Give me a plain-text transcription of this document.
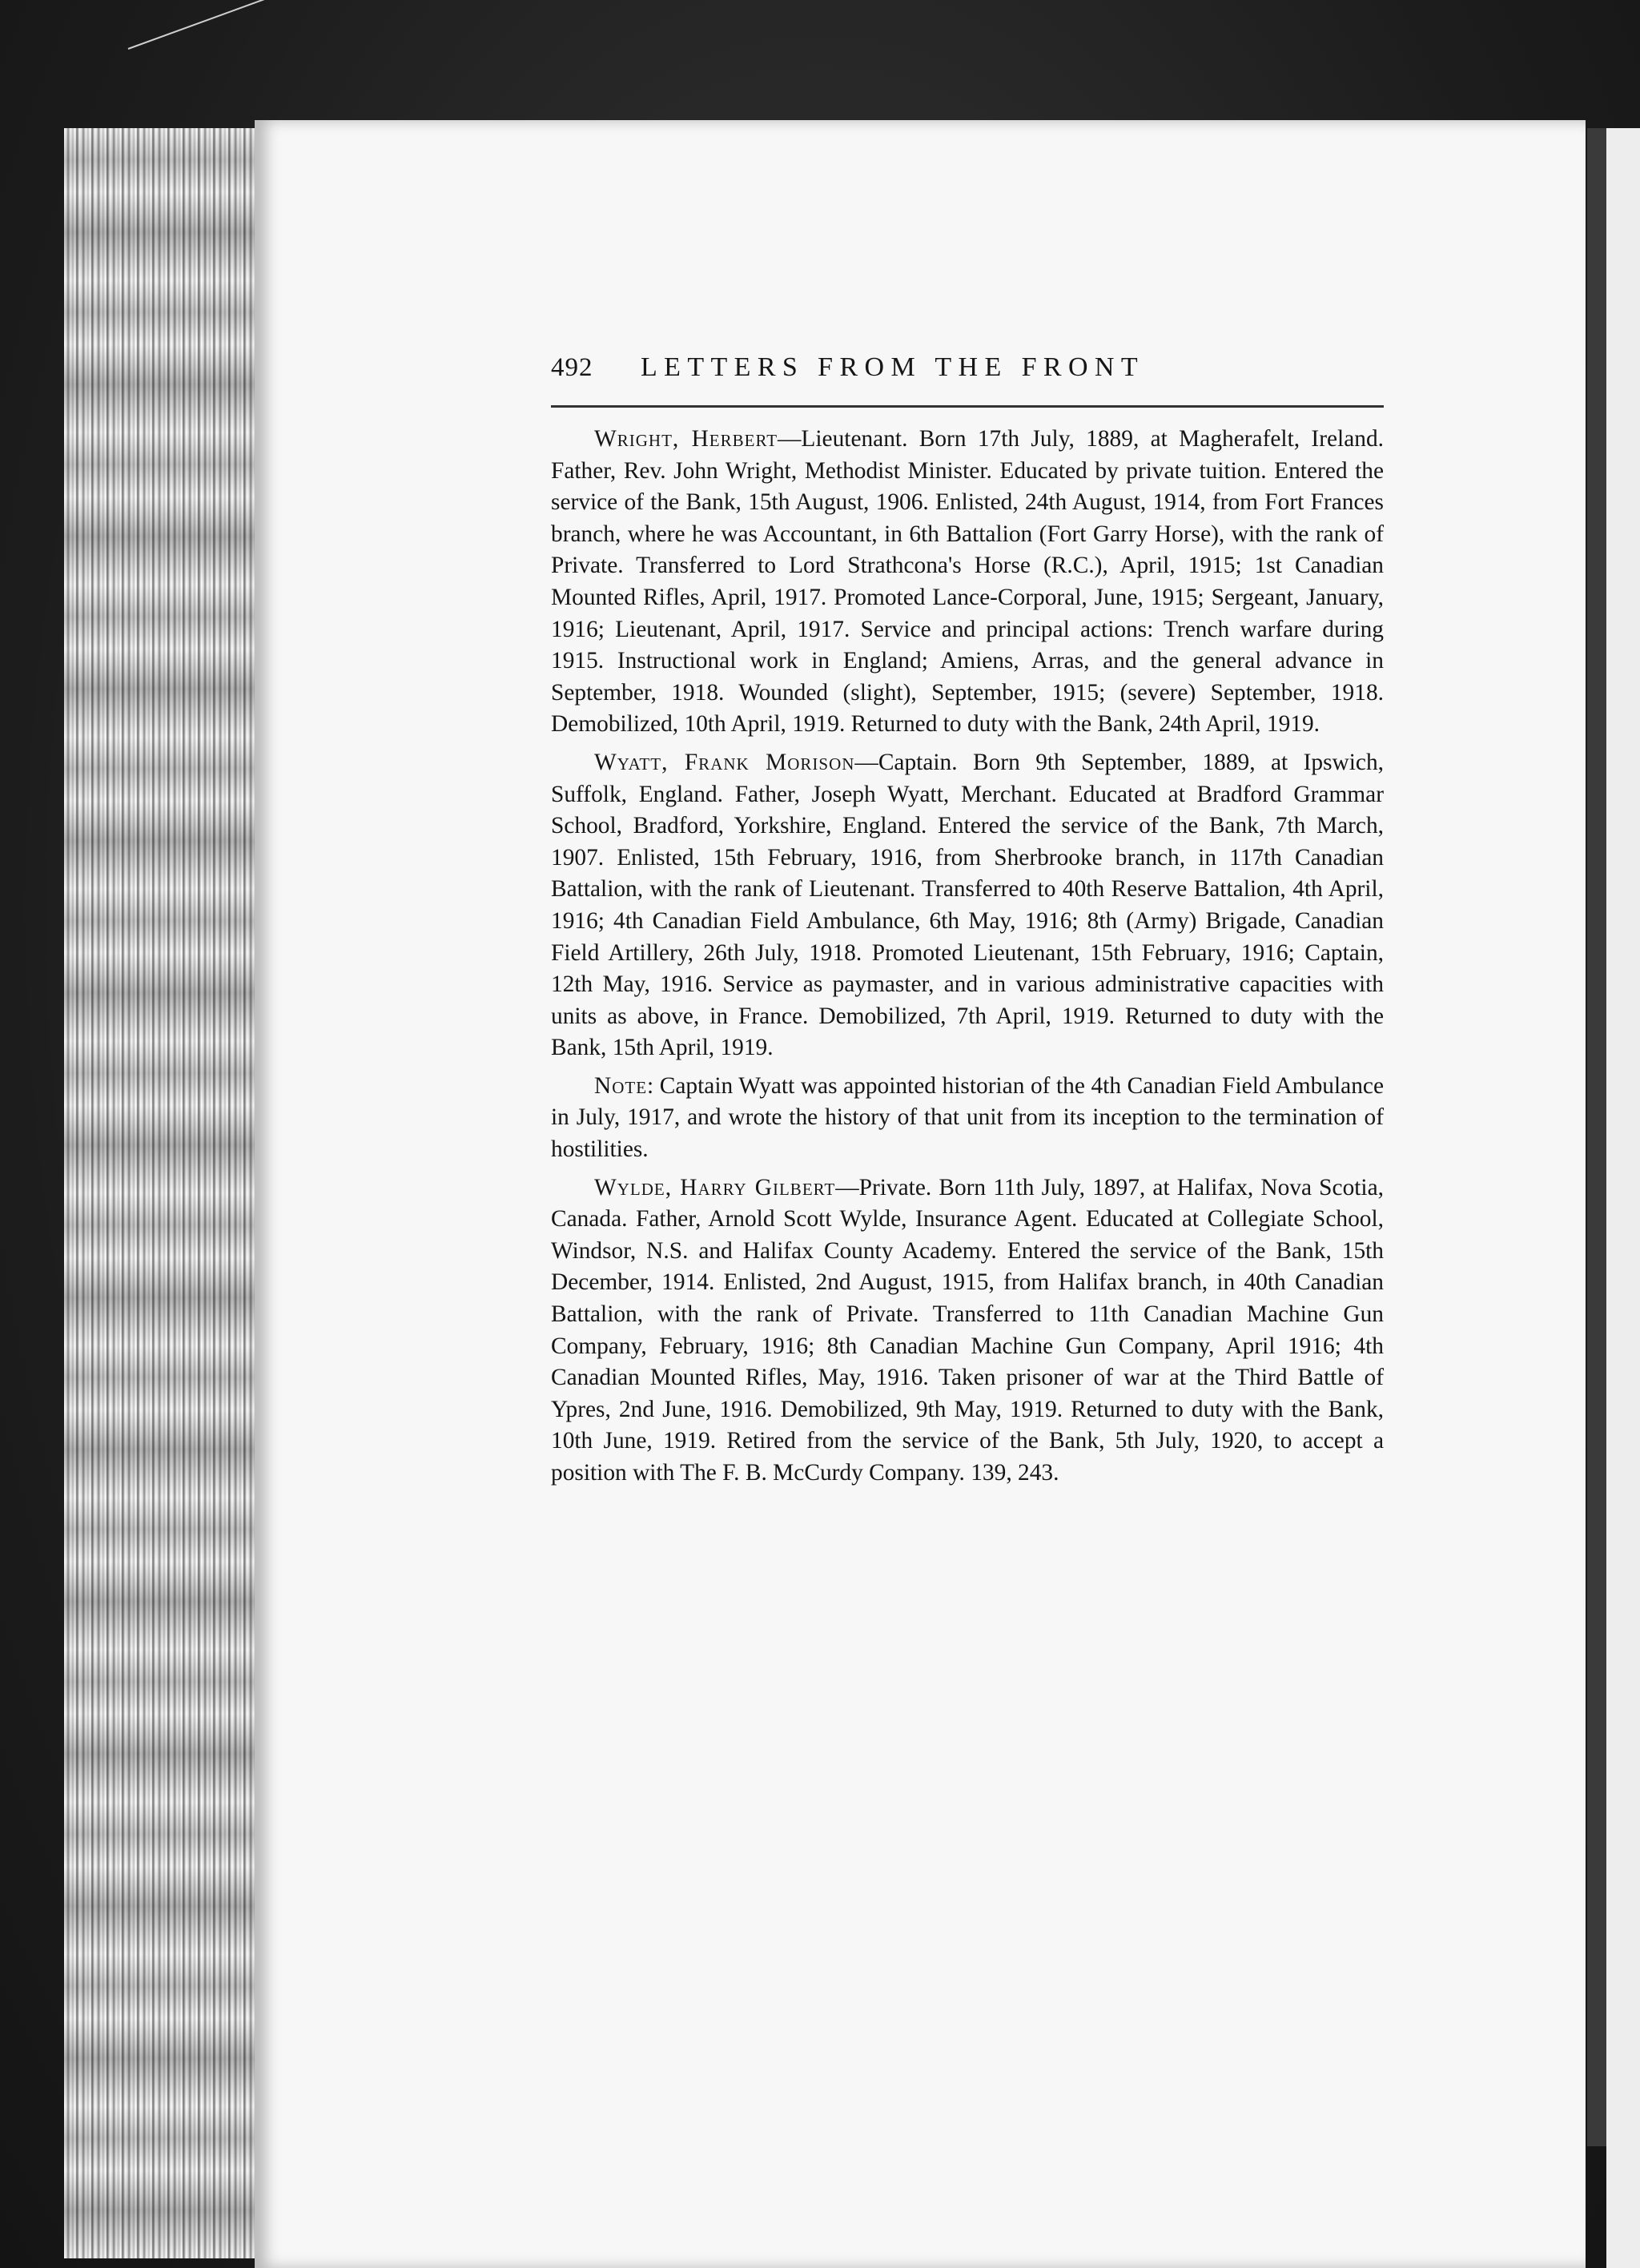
492	LETTERS FROM THE FRONT

Wright, Herbert—Lieutenant. Born 17th July, 1889, at Magherafelt, Ireland. Father, Rev. John Wright, Methodist Minister. Educated by private tuition. Entered the service of the Bank, 15th August, 1906. Enlisted, 24th August, 1914, from Fort Frances branch, where he was Accountant, in 6th Battalion (Fort Garry Horse), with the rank of Private. Transferred to Lord Strathcona's Horse (R.C.), April, 1915; 1st Canadian Mounted Rifles, April, 1917. Promoted Lance-Corporal, June, 1915; Sergeant, January, 1916; Lieutenant, April, 1917. Service and principal actions: Trench warfare during 1915. Instructional work in England; Amiens, Arras, and the general advance in September, 1918. Wounded (slight), September, 1915; (severe) September, 1918. Demobilized, 10th April, 1919. Returned to duty with the Bank, 24th April, 1919.

Wyatt, Frank Morison—Captain. Born 9th September, 1889, at Ipswich, Suffolk, England. Father, Joseph Wyatt, Merchant. Educated at Bradford Grammar School, Bradford, Yorkshire, England. Entered the service of the Bank, 7th March, 1907. Enlisted, 15th February, 1916, from Sherbrooke branch, in 117th Canadian Battalion, with the rank of Lieutenant. Transferred to 40th Reserve Battalion, 4th April, 1916; 4th Canadian Field Ambulance, 6th May, 1916; 8th (Army) Brigade, Canadian Field Artillery, 26th July, 1918. Promoted Lieutenant, 15th February, 1916; Captain, 12th May, 1916. Service as paymaster, and in various administrative capacities with units as above, in France. Demobilized, 7th April, 1919. Returned to duty with the Bank, 15th April, 1919.

Note: Captain Wyatt was appointed historian of the 4th Canadian Field Ambulance in July, 1917, and wrote the history of that unit from its inception to the termination of hostilities.

Wylde, Harry Gilbert—Private. Born 11th July, 1897, at Halifax, Nova Scotia, Canada. Father, Arnold Scott Wylde, Insurance Agent. Educated at Collegiate School, Windsor, N.S. and Halifax County Academy. Entered the service of the Bank, 15th December, 1914. Enlisted, 2nd August, 1915, from Halifax branch, in 40th Canadian Battalion, with the rank of Private. Transferred to 11th Canadian Machine Gun Company, February, 1916; 8th Canadian Machine Gun Company, April 1916; 4th Canadian Mounted Rifles, May, 1916. Taken prisoner of war at the Third Battle of Ypres, 2nd June, 1916. Demobilized, 9th May, 1919. Returned to duty with the Bank, 10th June, 1919. Retired from the service of the Bank, 5th July, 1920, to accept a position with The F. B. McCurdy Company. 139, 243.
